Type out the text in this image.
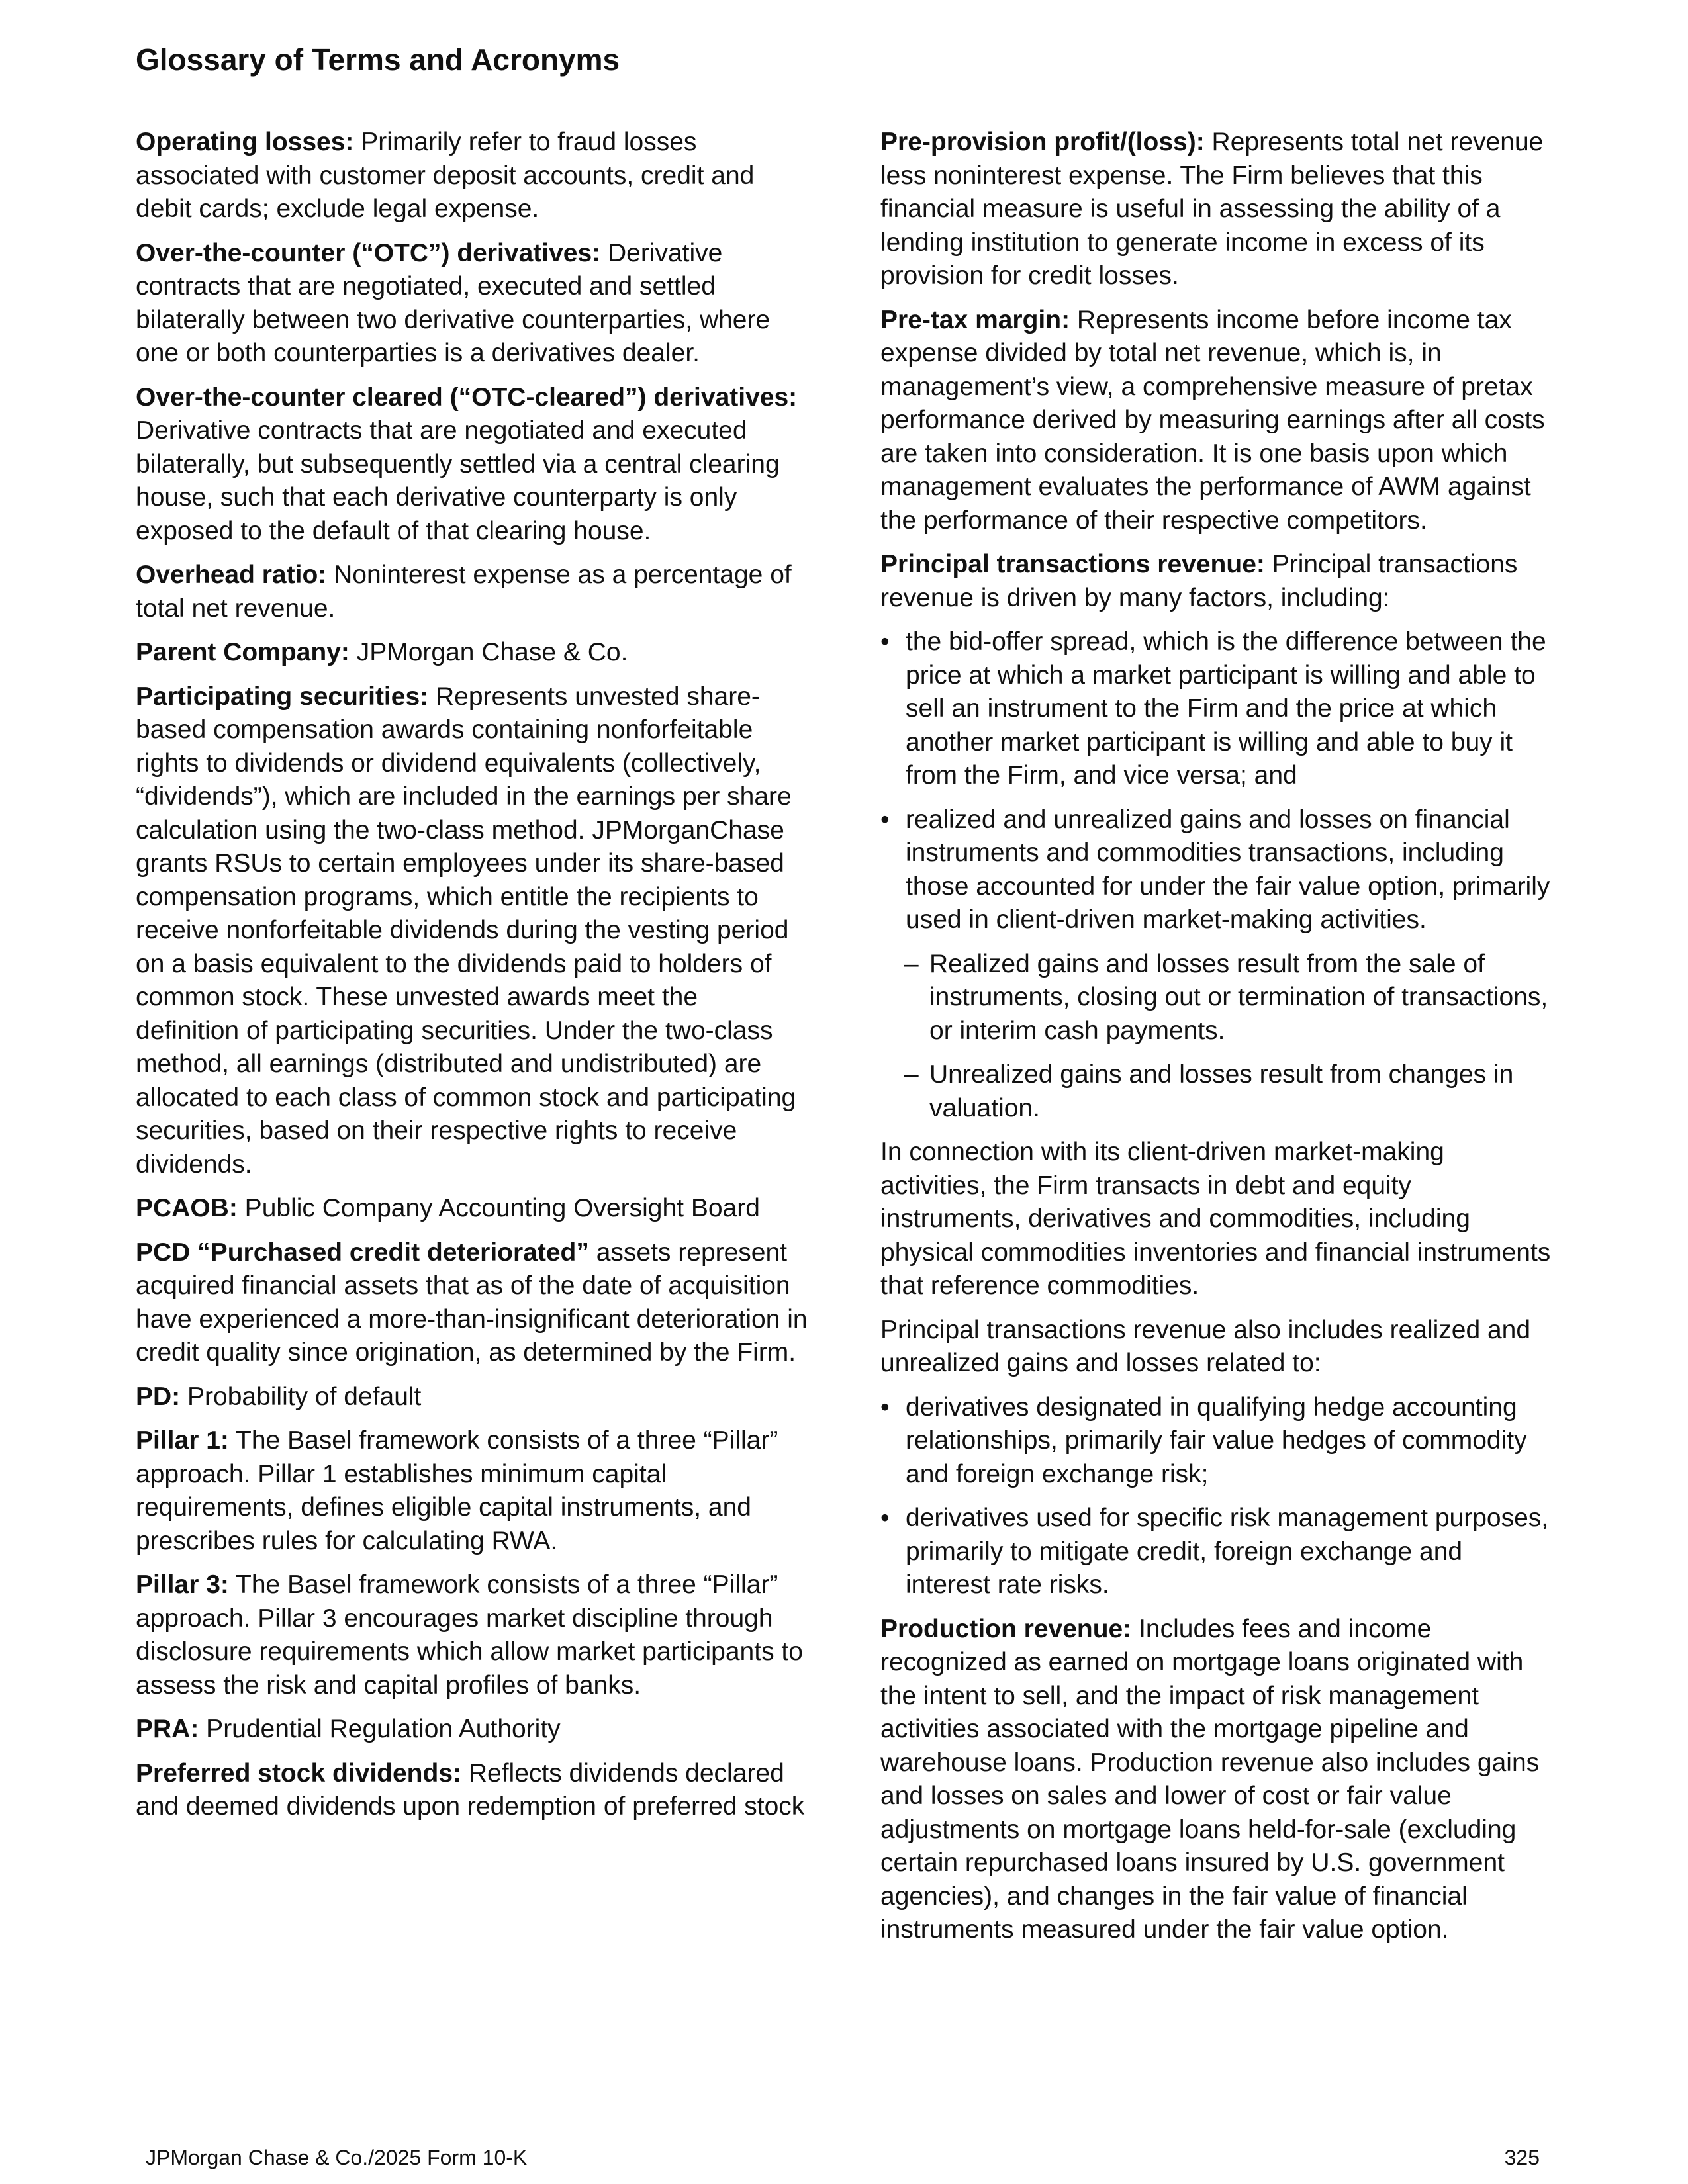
Glossary of Terms and Acronyms

Operating losses: Primarily refer to fraud losses associated with customer deposit accounts, credit and debit cards; exclude legal expense.

Over-the-counter (“OTC”) derivatives: Derivative contracts that are negotiated, executed and settled bilaterally between two derivative counterparties, where one or both counterparties is a derivatives dealer.

Over-the-counter cleared (“OTC-cleared”) derivatives: Derivative contracts that are negotiated and executed bilaterally, but subsequently settled via a central clearing house, such that each derivative counterparty is only exposed to the default of that clearing house.

Overhead ratio: Noninterest expense as a percentage of total net revenue.

Parent Company: JPMorgan Chase & Co.

Participating securities: Represents unvested share-based compensation awards containing nonforfeitable rights to dividends or dividend equivalents (collectively, “dividends”), which are included in the earnings per share calculation using the two-class method. JPMorganChase grants RSUs to certain employees under its share-based compensation programs, which entitle the recipients to receive nonforfeitable dividends during the vesting period on a basis equivalent to the dividends paid to holders of common stock. These unvested awards meet the definition of participating securities. Under the two-class method, all earnings (distributed and undistributed) are allocated to each class of common stock and participating securities, based on their respective rights to receive dividends.

PCAOB: Public Company Accounting Oversight Board

PCD “Purchased credit deteriorated” assets represent acquired financial assets that as of the date of acquisition have experienced a more-than-insignificant deterioration in credit quality since origination, as determined by the Firm.

PD: Probability of default

Pillar 1: The Basel framework consists of a three “Pillar” approach. Pillar 1 establishes minimum capital requirements, defines eligible capital instruments, and prescribes rules for calculating RWA.

Pillar 3: The Basel framework consists of a three “Pillar” approach. Pillar 3 encourages market discipline through disclosure requirements which allow market participants to assess the risk and capital profiles of banks.

PRA: Prudential Regulation Authority

Preferred stock dividends: Reflects dividends declared and deemed dividends upon redemption of preferred stock

Pre-provision profit/(loss): Represents total net revenue less noninterest expense. The Firm believes that this financial measure is useful in assessing the ability of a lending institution to generate income in excess of its provision for credit losses.

Pre-tax margin: Represents income before income tax expense divided by total net revenue, which is, in management’s view, a comprehensive measure of pretax performance derived by measuring earnings after all costs are taken into consideration. It is one basis upon which management evaluates the performance of AWM against the performance of their respective competitors.

Principal transactions revenue: Principal transactions revenue is driven by many factors, including:

• the bid-offer spread, which is the difference between the price at which a market participant is willing and able to sell an instrument to the Firm and the price at which another market participant is willing and able to buy it from the Firm, and vice versa; and
• realized and unrealized gains and losses on financial instruments and commodities transactions, including those accounted for under the fair value option, primarily used in client-driven market-making activities.
– Realized gains and losses result from the sale of instruments, closing out or termination of transactions, or interim cash payments.
– Unrealized gains and losses result from changes in valuation.

In connection with its client-driven market-making activities, the Firm transacts in debt and equity instruments, derivatives and commodities, including physical commodities inventories and financial instruments that reference commodities.

Principal transactions revenue also includes realized and unrealized gains and losses related to:

• derivatives designated in qualifying hedge accounting relationships, primarily fair value hedges of commodity and foreign exchange risk;
• derivatives used for specific risk management purposes, primarily to mitigate credit, foreign exchange and interest rate risks.

Production revenue: Includes fees and income recognized as earned on mortgage loans originated with the intent to sell, and the impact of risk management activities associated with the mortgage pipeline and warehouse loans. Production revenue also includes gains and losses on sales and lower of cost or fair value adjustments on mortgage loans held-for-sale (excluding certain repurchased loans insured by U.S. government agencies), and changes in the fair value of financial instruments measured under the fair value option.

JPMorgan Chase & Co./2025 Form 10-K	325
